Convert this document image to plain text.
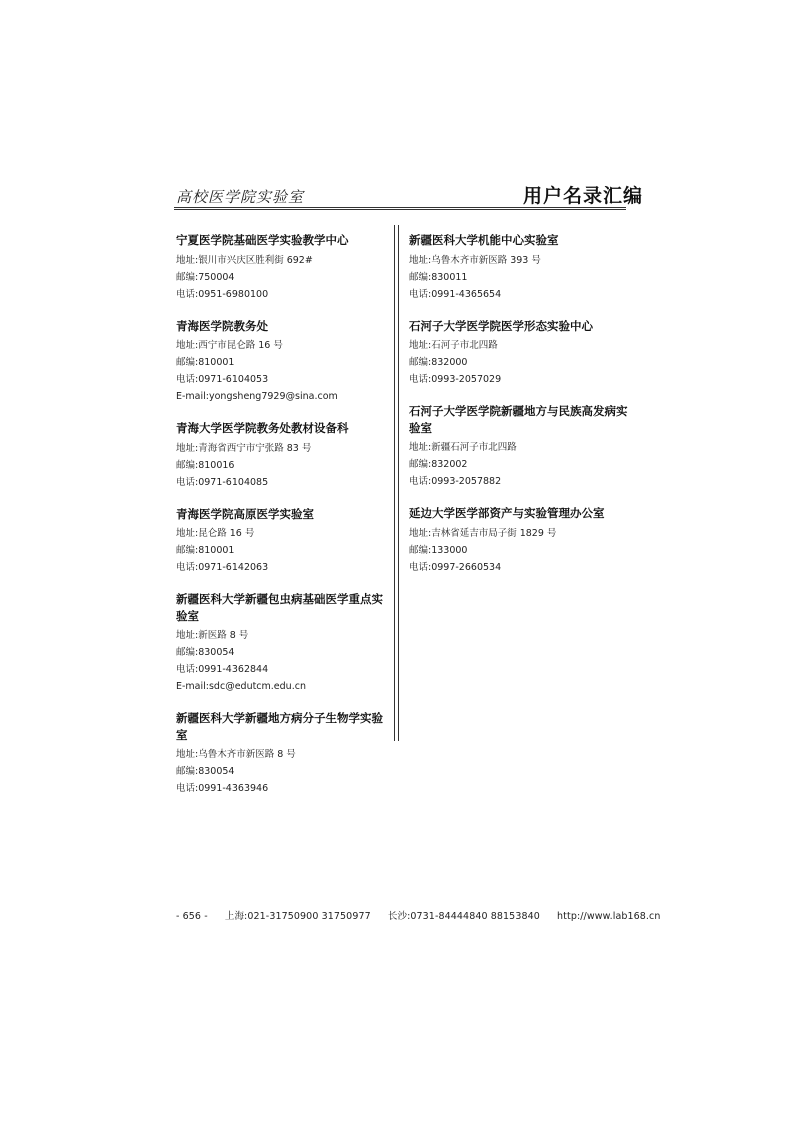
高校医学院实验室	用户名录汇编
宁夏医学院基础医学实验教学中心
地址:银川市兴庆区胜利街 692#
邮编:750004
电话:0951-6980100
青海医学院教务处
地址:西宁市昆仑路 16 号
邮编:810001
电话:0971-6104053
E-mail:yongsheng7929@sina.com
青海大学医学院教务处教材设备科
地址:青海省西宁市宁张路 83 号
邮编:810016
电话:0971-6104085
青海医学院高原医学实验室
地址:昆仑路 16 号
邮编:810001
电话:0971-6142063
新疆医科大学新疆包虫病基础医学重点实验室
地址:新医路 8 号
邮编:830054
电话:0991-4362844
E-mail:sdc@edutcm.edu.cn
新疆医科大学新疆地方病分子生物学实验室
地址:乌鲁木齐市新医路 8 号
邮编:830054
电话:0991-4363946
新疆医科大学机能中心实验室
地址:乌鲁木齐市新医路 393 号
邮编:830011
电话:0991-4365654
石河子大学医学院医学形态实验中心
地址:石河子市北四路
邮编:832000
电话:0993-2057029
石河子大学医学院新疆地方与民族高发病实验室
地址:新疆石河子市北四路
邮编:832002
电话:0993-2057882
延边大学医学部资产与实验管理办公室
地址:吉林省延吉市局子街 1829 号
邮编:133000
电话:0997-2660534
- 656 - 上海:021-31750900 31750977 长沙:0731-84444840 88153840 http://www.lab168.cn
